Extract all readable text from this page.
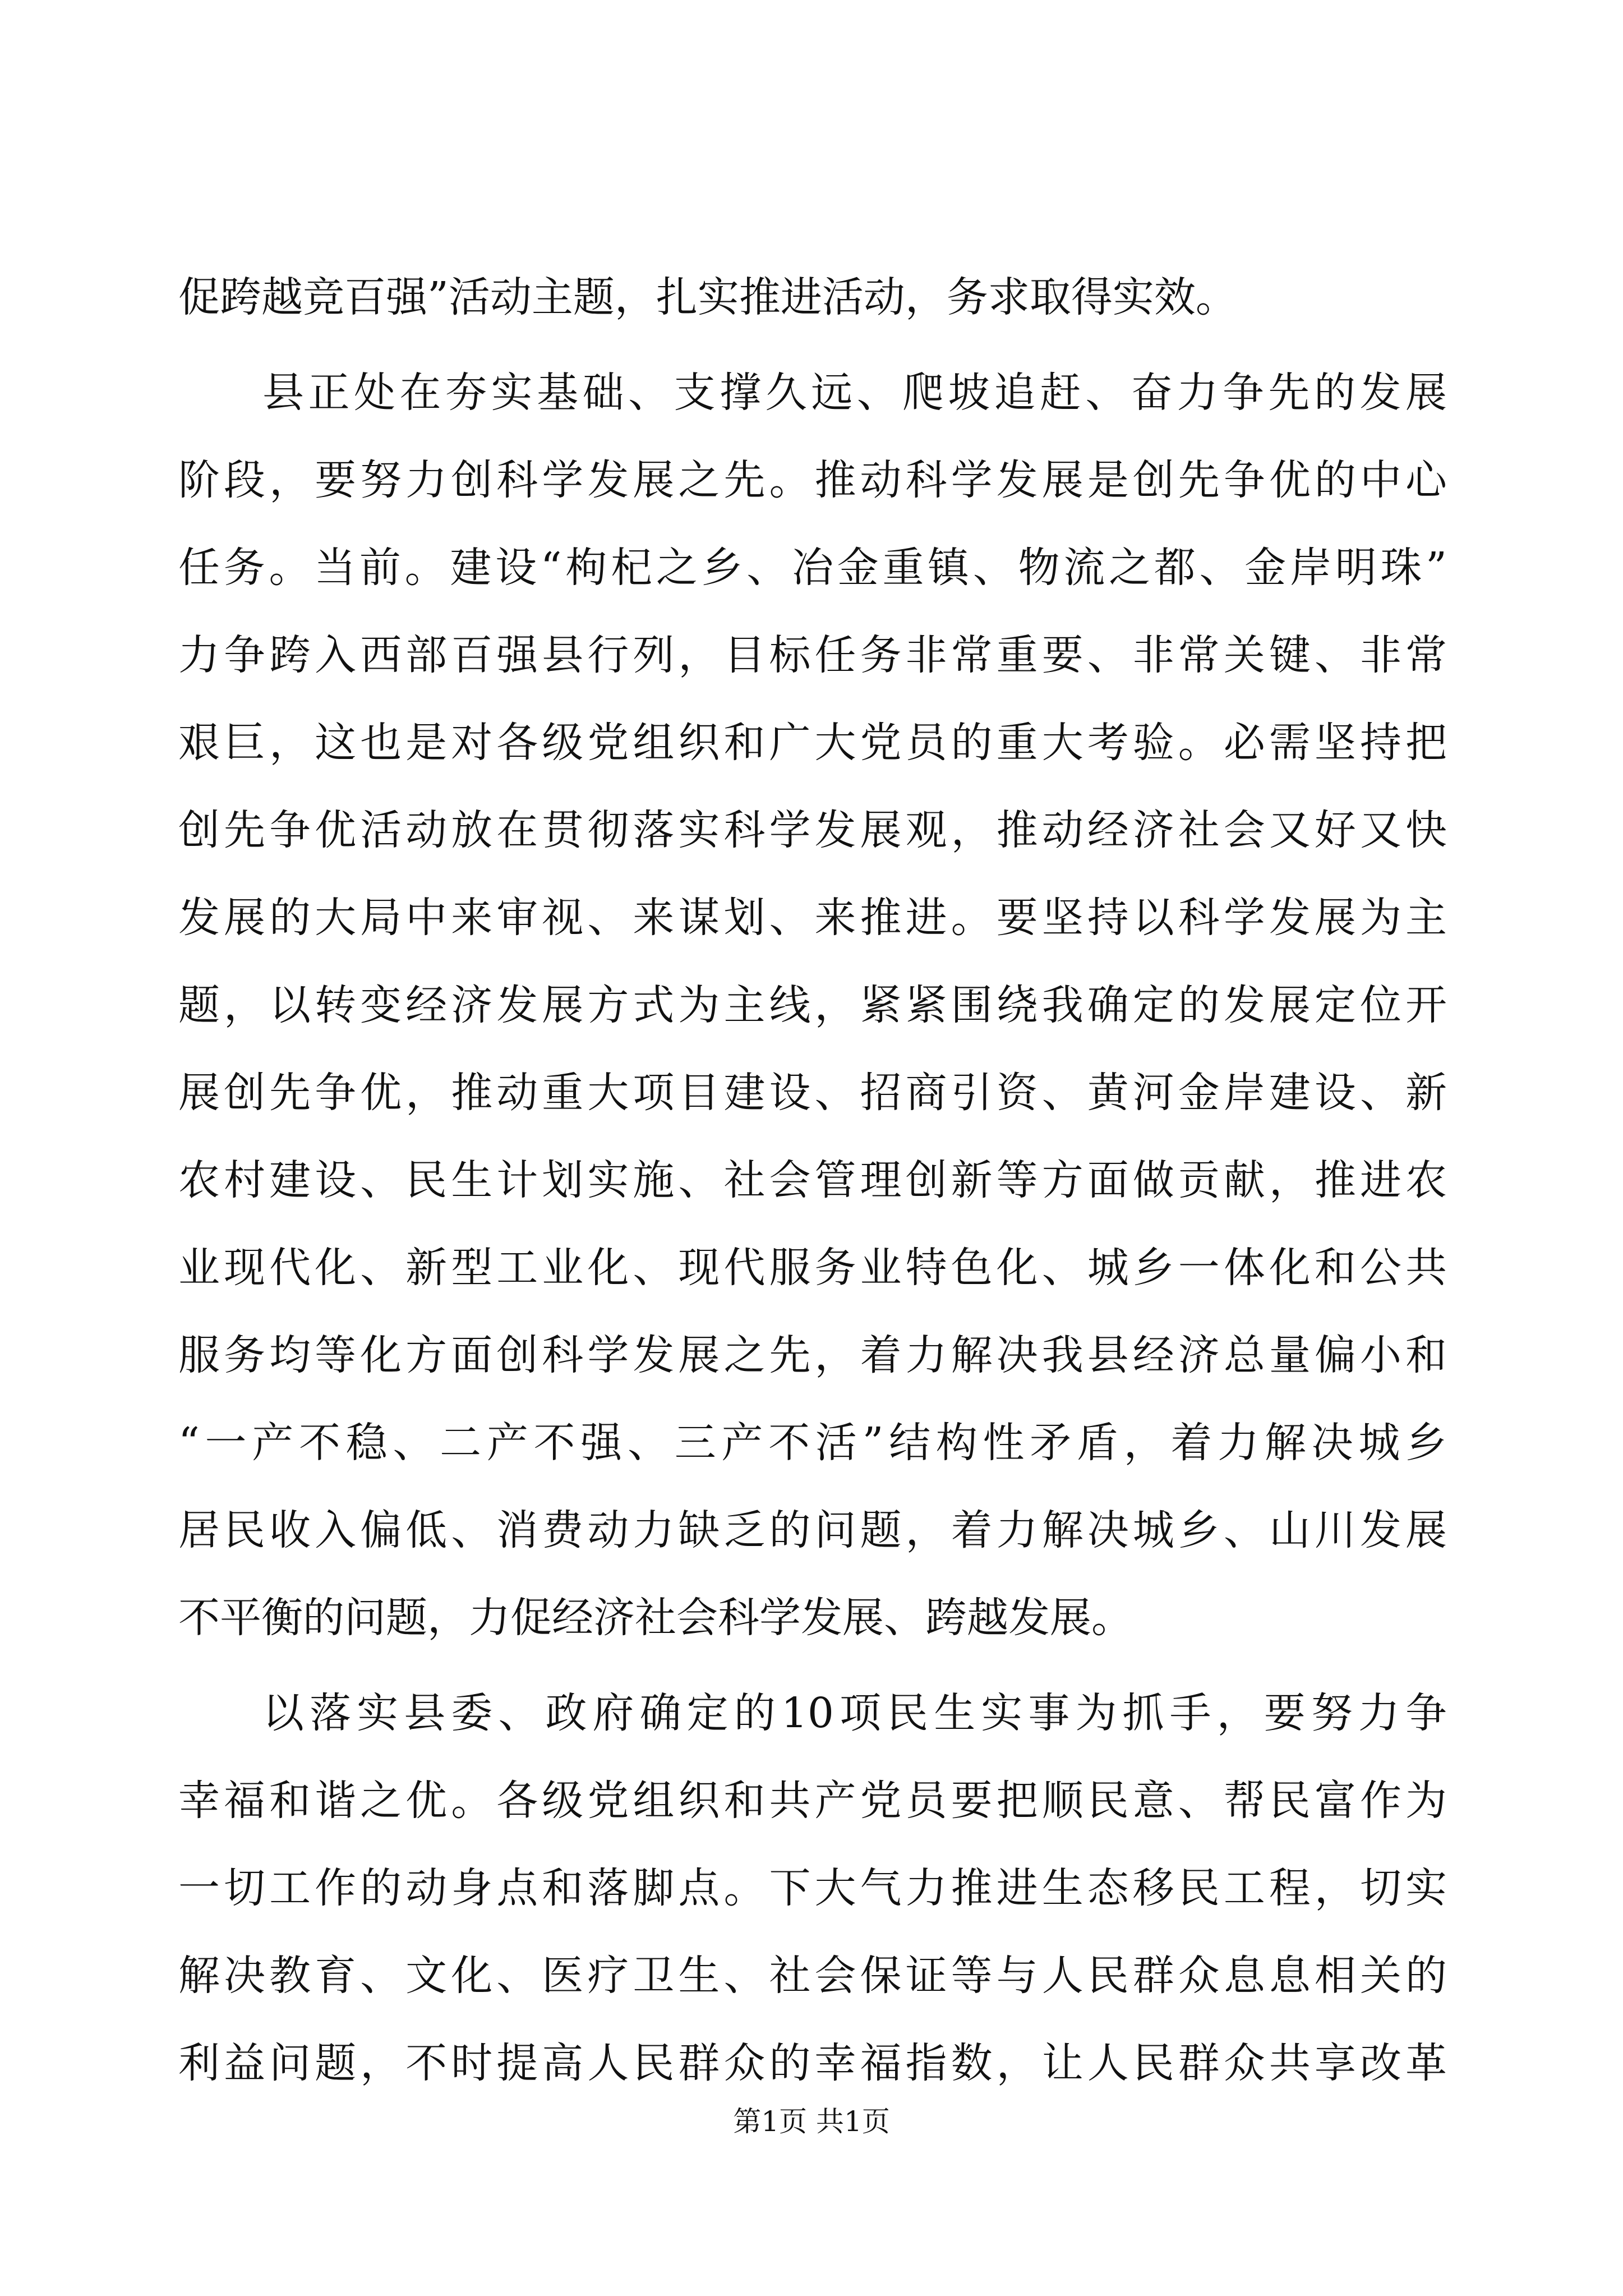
促跨越竞百强”活动主题，扎实推进活动，务求取得实效。
县正处在夯实基础、支撑久远、爬坡追赶、奋力争先的发展
阶段，要努力创科学发展之先。推动科学发展是创先争优的中心
任务。当前。建设“枸杞之乡、冶金重镇、物流之都、金岸明珠”
力争跨入西部百强县行列，目标任务非常重要、非常关键、非常
艰巨，这也是对各级党组织和广大党员的重大考验。必需坚持把
创先争优活动放在贯彻落实科学发展观，推动经济社会又好又快
发展的大局中来审视、来谋划、来推进。要坚持以科学发展为主
题，以转变经济发展方式为主线，紧紧围绕我确定的发展定位开
展创先争优，推动重大项目建设、招商引资、黄河金岸建设、新
农村建设、民生计划实施、社会管理创新等方面做贡献，推进农
业现代化、新型工业化、现代服务业特色化、城乡一体化和公共
服务均等化方面创科学发展之先，着力解决我县经济总量偏小和
“一产不稳、二产不强、三产不活”结构性矛盾，着力解决城乡
居民收入偏低、消费动力缺乏的问题，着力解决城乡、山川发展
不平衡的问题，力促经济社会科学发展、跨越发展。
以落实县委、政府确定的10项民生实事为抓手，要努力争
幸福和谐之优。各级党组织和共产党员要把顺民意、帮民富作为
一切工作的动身点和落脚点。下大气力推进生态移民工程，切实
解决教育、文化、医疗卫生、社会保证等与人民群众息息相关的
利益问题，不时提高人民群众的幸福指数，让人民群众共享改革
第1页 共1页
